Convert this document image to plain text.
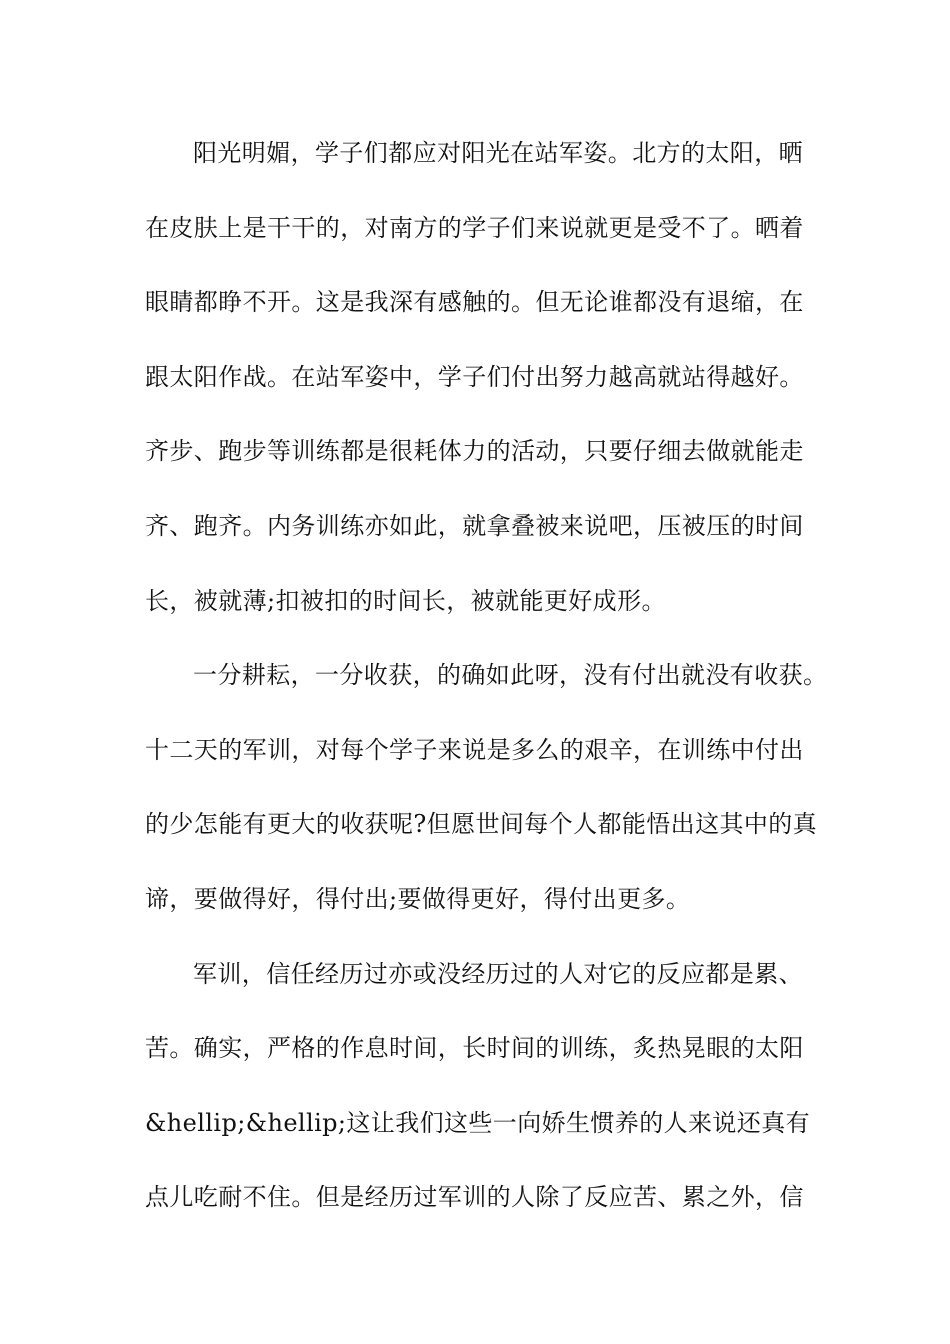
阳光明媚，学子们都应对阳光在站军姿。北方的太阳，晒
在皮肤上是干干的，对南方的学子们来说就更是受不了。晒着
眼睛都睁不开。这是我深有感触的。但无论谁都没有退缩，在
跟太阳作战。在站军姿中，学子们付出努力越高就站得越好。
齐步、跑步等训练都是很耗体力的活动，只要仔细去做就能走
齐、跑齐。内务训练亦如此，就拿叠被来说吧，压被压的时间
长，被就薄;扣被扣的时间长，被就能更好成形。
一分耕耘，一分收获，的确如此呀，没有付出就没有收获。
十二天的军训，对每个学子来说是多么的艰辛，在训练中付出
的少怎能有更大的收获呢?但愿世间每个人都能悟出这其中的真
谛，要做得好，得付出;要做得更好，得付出更多。
军训，信任经历过亦或没经历过的人对它的反应都是累、
苦。确实，严格的作息时间，长时间的训练，炙热晃眼的太阳
&hellip;&hellip;这让我们这些一向娇生惯养的人来说还真有
点儿吃耐不住。但是经历过军训的人除了反应苦、累之外，信
